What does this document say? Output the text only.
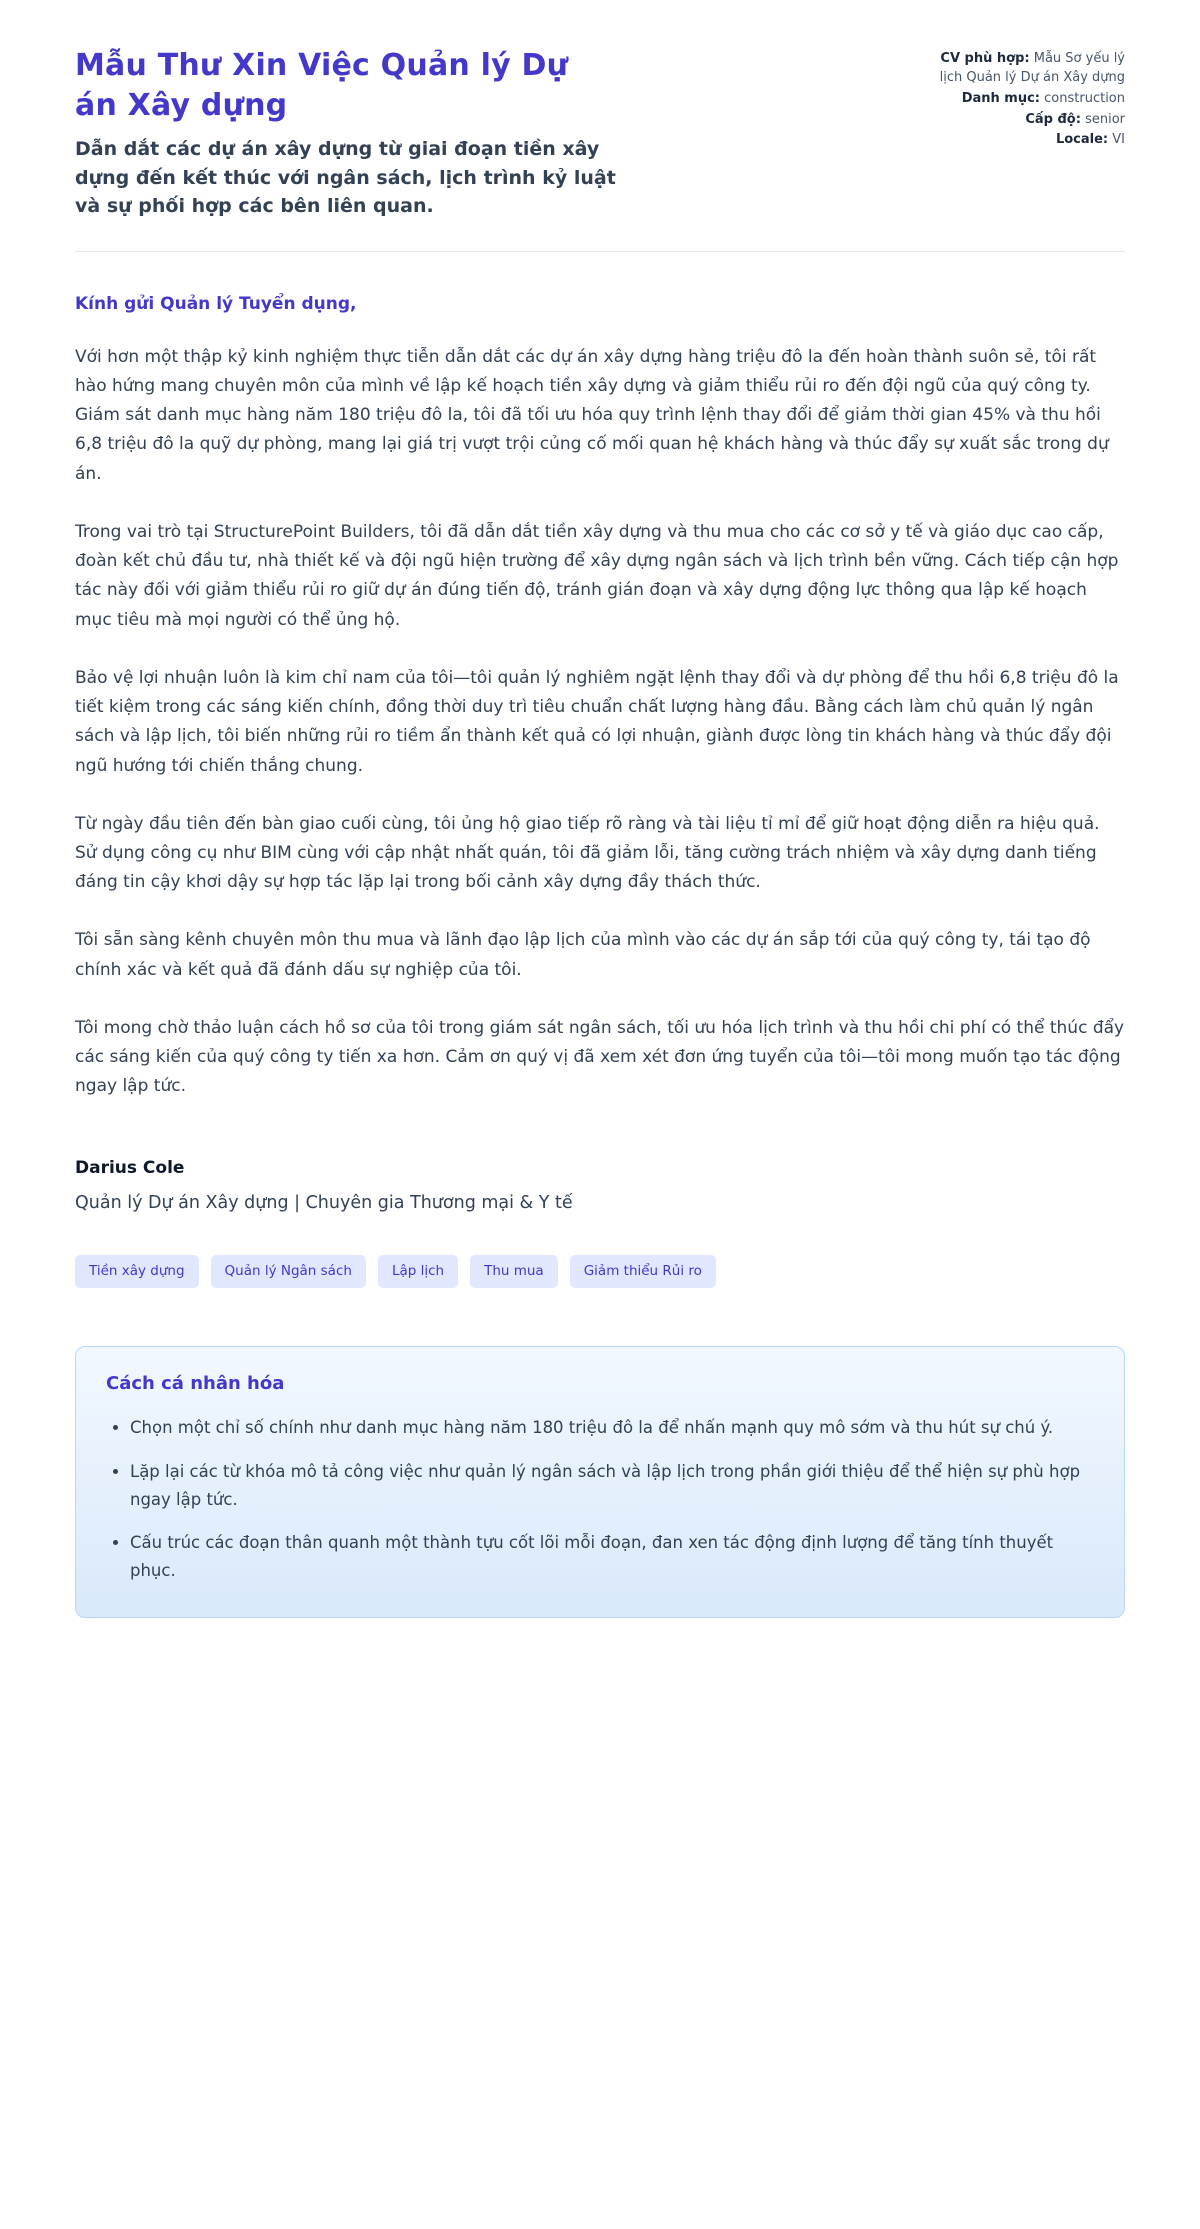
Mẫu Thư Xin Việc Quản lý Dự án Xây dựng

Dẫn dắt các dự án xây dựng từ giai đoạn tiền xây dựng đến kết thúc với ngân sách, lịch trình kỷ luật và sự phối hợp các bên liên quan.

CV phù hợp: Mẫu Sơ yếu lý lịch Quản lý Dự án Xây dựng

Danh mục: construction

Cấp độ: senior

Locale: VI

Kính gửi Quản lý Tuyển dụng,

Với hơn một thập kỷ kinh nghiệm thực tiễn dẫn dắt các dự án xây dựng hàng triệu đô la đến hoàn thành suôn sẻ, tôi rất hào hứng mang chuyên môn của mình về lập kế hoạch tiền xây dựng và giảm thiểu rủi ro đến đội ngũ của quý công ty. Giám sát danh mục hàng năm 180 triệu đô la, tôi đã tối ưu hóa quy trình lệnh thay đổi để giảm thời gian 45% và thu hồi 6,8 triệu đô la quỹ dự phòng, mang lại giá trị vượt trội củng cố mối quan hệ khách hàng và thúc đẩy sự xuất sắc trong dự án.

Trong vai trò tại StructurePoint Builders, tôi đã dẫn dắt tiền xây dựng và thu mua cho các cơ sở y tế và giáo dục cao cấp, đoàn kết chủ đầu tư, nhà thiết kế và đội ngũ hiện trường để xây dựng ngân sách và lịch trình bền vững. Cách tiếp cận hợp tác này đối với giảm thiểu rủi ro giữ dự án đúng tiến độ, tránh gián đoạn và xây dựng động lực thông qua lập kế hoạch mục tiêu mà mọi người có thể ủng hộ.

Bảo vệ lợi nhuận luôn là kim chỉ nam của tôi—tôi quản lý nghiêm ngặt lệnh thay đổi và dự phòng để thu hồi 6,8 triệu đô la tiết kiệm trong các sáng kiến chính, đồng thời duy trì tiêu chuẩn chất lượng hàng đầu. Bằng cách làm chủ quản lý ngân sách và lập lịch, tôi biến những rủi ro tiềm ẩn thành kết quả có lợi nhuận, giành được lòng tin khách hàng và thúc đẩy đội ngũ hướng tới chiến thắng chung.

Từ ngày đầu tiên đến bàn giao cuối cùng, tôi ủng hộ giao tiếp rõ ràng và tài liệu tỉ mỉ để giữ hoạt động diễn ra hiệu quả. Sử dụng công cụ như BIM cùng với cập nhật nhất quán, tôi đã giảm lỗi, tăng cường trách nhiệm và xây dựng danh tiếng đáng tin cậy khơi dậy sự hợp tác lặp lại trong bối cảnh xây dựng đầy thách thức.

Tôi sẵn sàng kênh chuyên môn thu mua và lãnh đạo lập lịch của mình vào các dự án sắp tới của quý công ty, tái tạo độ chính xác và kết quả đã đánh dấu sự nghiệp của tôi.

Tôi mong chờ thảo luận cách hồ sơ của tôi trong giám sát ngân sách, tối ưu hóa lịch trình và thu hồi chi phí có thể thúc đẩy các sáng kiến của quý công ty tiến xa hơn. Cảm ơn quý vị đã xem xét đơn ứng tuyển của tôi—tôi mong muốn tạo tác động ngay lập tức.

Darius Cole

Quản lý Dự án Xây dựng | Chuyên gia Thương mại & Y tế

Tiền xây dựng	Quản lý Ngân sách	Lập lịch	Thu mua	Giảm thiểu Rủi ro
Cách cá nhân hóa
• Chọn một chỉ số chính như danh mục hàng năm 180 triệu đô la để nhấn mạnh quy mô sớm và thu hút sự chú ý.
• Lặp lại các từ khóa mô tả công việc như quản lý ngân sách và lập lịch trong phần giới thiệu để thể hiện sự phù hợp ngay lập tức.
• Cấu trúc các đoạn thân quanh một thành tựu cốt lõi mỗi đoạn, đan xen tác động định lượng để tăng tính thuyết phục.
